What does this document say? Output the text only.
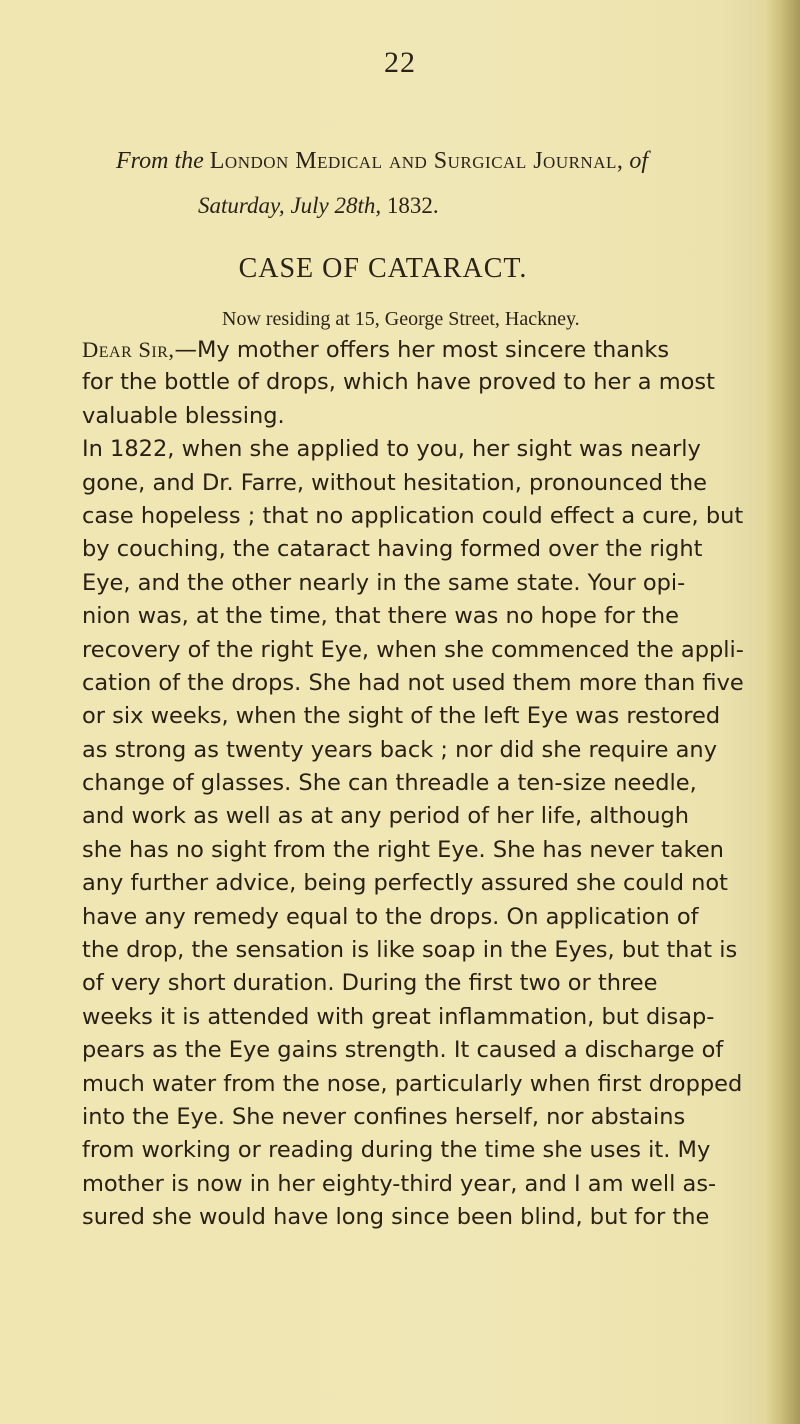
22
From the London Medical and Surgical Journal, of
Saturday, July 28th, 1832.
CASE OF CATARACT.
Now residing at 15, George Street, Hackney.
Dear Sir,—My mother offers her most sincere thanks
for the bottle of drops, which have proved to her a most
valuable blessing.
In 1822, when she applied to you, her sight was nearly
gone, and Dr. Farre, without hesitation, pronounced the
case hopeless ; that no application could effect a cure, but
by couching, the cataract having formed over the right
Eye, and the other nearly in the same state. Your opi-
nion was, at the time, that there was no hope for the
recovery of the right Eye, when she commenced the appli-
cation of the drops. She had not used them more than five
or six weeks, when the sight of the left Eye was restored
as strong as twenty years back ; nor did she require any
change of glasses. She can threadle a ten-size needle,
and work as well as at any period of her life, although
she has no sight from the right Eye. She has never taken
any further advice, being perfectly assured she could not
have any remedy equal to the drops. On application of
the drop, the sensation is like soap in the Eyes, but that is
of very short duration. During the first two or three
weeks it is attended with great inflammation, but disap-
pears as the Eye gains strength. It caused a discharge of
much water from the nose, particularly when first dropped
into the Eye. She never confines herself, nor abstains
from working or reading during the time she uses it. My
mother is now in her eighty-third year, and I am well as-
sured she would have long since been blind, but for the
